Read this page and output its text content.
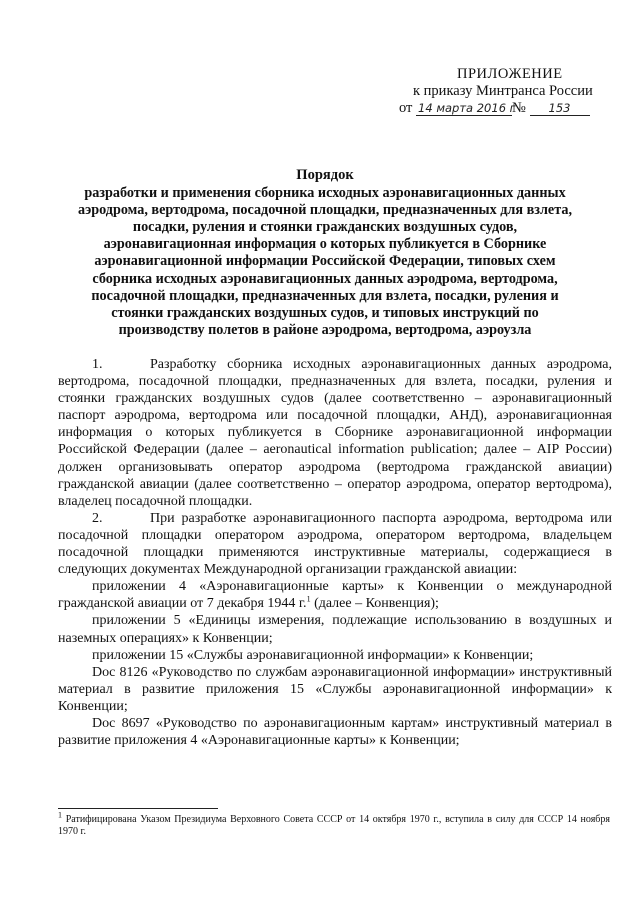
ПРИЛОЖЕНИЕ
к приказу Минтранса России
от 14 марта 2016 г№ 153
Порядок
разработки и применения сборника исходных аэронавигационных данных
аэродрома, вертодрома, посадочной площадки, предназначенных для взлета,
посадки, руления и стоянки гражданских воздушных судов,
аэронавигационная информация о которых публикуется в Сборнике
аэронавигационной информации Российской Федерации, типовых схем
сборника исходных аэронавигационных данных аэродрома, вертодрома,
посадочной площадки, предназначенных для взлета, посадки, руления и
стоянки гражданских воздушных судов, и типовых инструкций по
производству полетов в районе аэродрома, вертодрома, аэроузла

1.	Разработку сборника исходных аэронавигационных данных аэродрома, вертодрома, посадочной площадки, предназначенных для взлета, посадки, руления и стоянки гражданских воздушных судов (далее соответственно – аэронавигационный паспорт аэродрома, вертодрома или посадочной площадки, АНД), аэронавигационная информация о которых публикуется в Сборнике аэронавигационной информации Российской Федерации (далее – aeronautical information publication; далее – AIP России) должен организовывать оператор аэродрома (вертодрома гражданской авиации) гражданской авиации (далее соответственно – оператор аэродрома, оператор вертодрома), владелец посадочной площадки.

2.	При разработке аэронавигационного паспорта аэродрома, вертодрома или посадочной площадки оператором аэродрома, оператором вертодрома, владельцем посадочной площадки применяются инструктивные материалы, содержащиеся в следующих документах Международной организации гражданской авиации:

приложении 4 «Аэронавигационные карты» к Конвенции о международной гражданской авиации от 7 декабря 1944 г.$^1$ (далее – Конвенция);

приложении 5 «Единицы измерения, подлежащие использованию в воздушных и наземных операциях» к Конвенции;

приложении 15 «Службы аэронавигационной информации» к Конвенции;

Doc 8126 «Руководство по службам аэронавигационной информации» инструктивный материал в развитие приложения 15 «Службы аэронавигационной информации» к Конвенции;

Doc 8697 «Руководство по аэронавигационным картам» инструктивный материал в развитие приложения 4 «Аэронавигационные карты» к Конвенции;

$^1$ Ратифицирована Указом Президиума Верховного Совета СССР от 14 октября 1970 г., вступила в силу для СССР 14 ноября 1970 г.
